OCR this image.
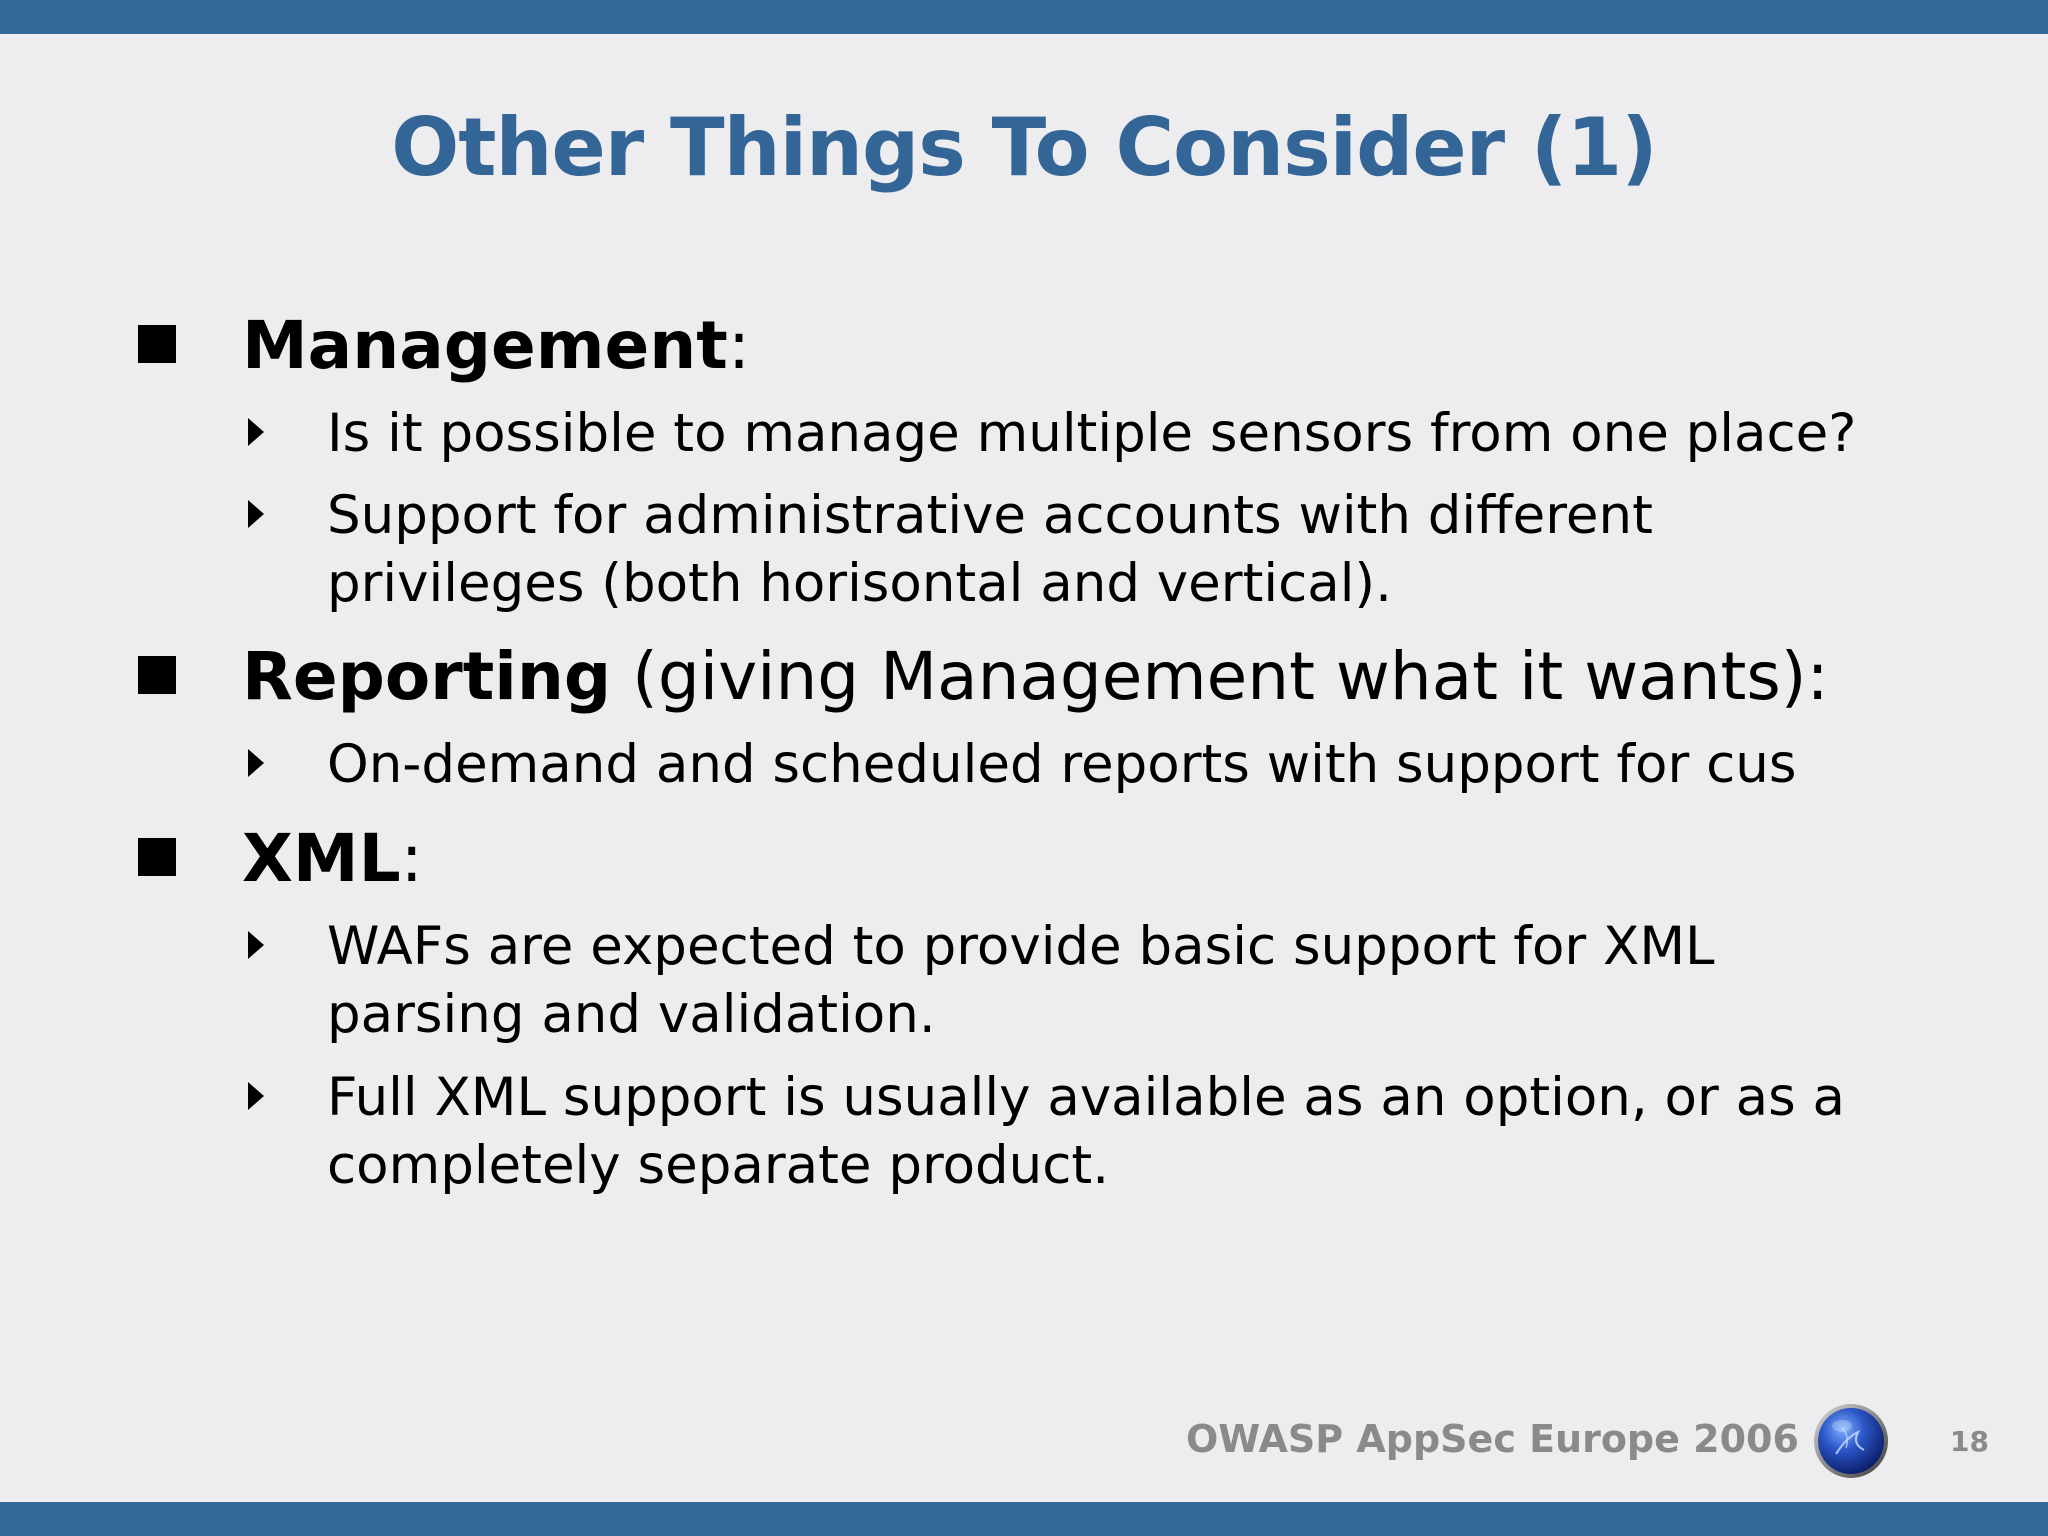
Other Things To Consider (1)
Management:
Is it possible to manage multiple sensors from one place?
Support for administrative accounts with different privileges (both horisontal and vertical).
Reporting (giving Management what it wants):
On-demand and scheduled reports with support for cus
XML:
WAFs are expected to provide basic support for XML parsing and validation.
Full XML support is usually available as an option, or as a completely separate product.
OWASP AppSec Europe 2006	18
